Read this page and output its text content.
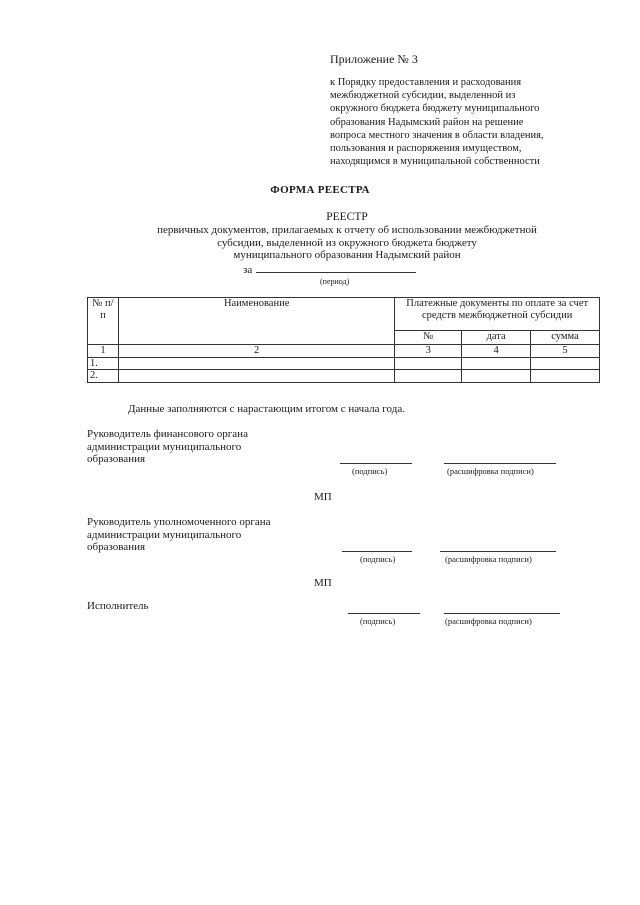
Приложение № 3
к Порядку предоставления и расходования
межбюджетной субсидии, выделенной из
окружного бюджета бюджету муниципального
образования Надымский район на решение
вопроса местного значения в области владения,
пользования и распоряжения имуществом,
находящимся в муниципальной собственности
ФОРМА РЕЕСТРА
РЕЕСТР
первичных документов, прилагаемых к отчету об использовании межбюджетной
субсидии, выделенной из окружного бюджета бюджету
муниципального образования Надымский район
за
(период)
№ п/п	Наименование	Платежные документы по оплате за счет средств межбюджетной субсидии		
		№	дата	сумма
1	2	3	4	5
1.				
2.				
Данные заполняются с нарастающим итогом с начала года.
Руководитель финансового органа
администрации муниципального
образования
(подпись)	(расшифровка подписи)
МП
Руководитель уполномоченного органа
администрации муниципального
образования
(подпись)	(расшифровка подписи)
МП
Исполнитель
(подпись)	(расшифровка подписи)
